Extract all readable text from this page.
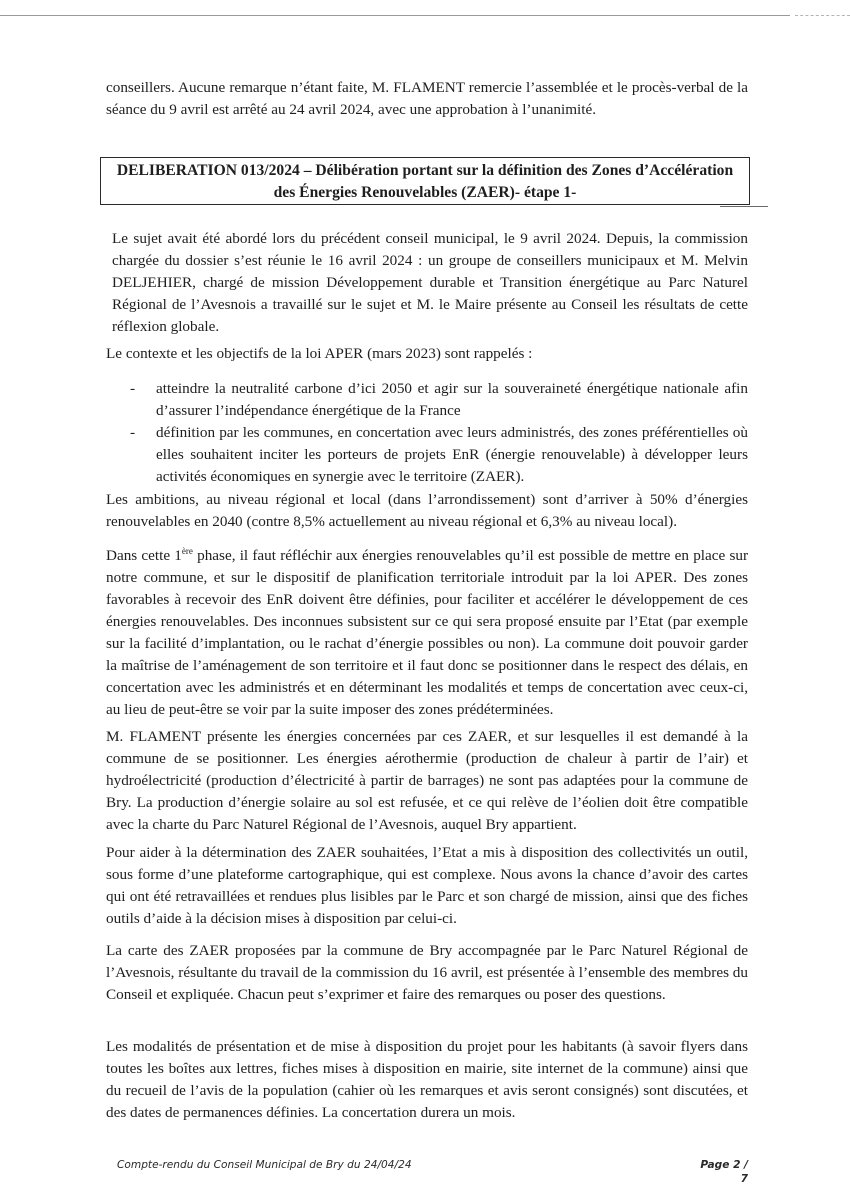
conseillers. Aucune remarque n’étant faite, M. FLAMENT remercie l’assemblée et le procès-verbal de la séance du 9 avril est arrêté au 24 avril 2024, avec une approbation à l’unanimité.

DELIBERATION 013/2024 – Délibération portant sur la définition des Zones d’Accélération
des Énergies Renouvelables (ZAER)- étape 1-

Le sujet avait été abordé lors du précédent conseil municipal, le 9 avril 2024. Depuis, la commission chargée du dossier s’est réunie le 16 avril 2024 : un groupe de conseillers municipaux et M. Melvin DELJEHIER, chargé de mission Développement durable et Transition énergétique au Parc Naturel Régional de l’Avesnois a travaillé sur le sujet et M. le Maire présente au Conseil les résultats de cette réflexion globale.

Le contexte et les objectifs de la loi APER (mars 2023) sont rappelés :

- atteindre la neutralité carbone d’ici 2050 et agir sur la souveraineté énergétique nationale afin d’assurer l’indépendance énergétique de la France
- définition par les communes, en concertation avec leurs administrés, des zones préférentielles où elles souhaitent inciter les porteurs de projets EnR (énergie renouvelable) à développer leurs activités économiques en synergie avec le territoire (ZAER).

Les ambitions, au niveau régional et local (dans l’arrondissement) sont d’arriver à 50% d’énergies renouvelables en 2040 (contre 8,5% actuellement au niveau régional et 6,3% au niveau local).

Dans cette 1ère phase, il faut réfléchir aux énergies renouvelables qu’il est possible de mettre en place sur notre commune, et sur le dispositif de planification territoriale introduit par la loi APER. Des zones favorables à recevoir des EnR doivent être définies, pour faciliter et accélérer le développement de ces énergies renouvelables. Des inconnues subsistent sur ce qui sera proposé ensuite par l’Etat (par exemple sur la facilité d’implantation, ou le rachat d’énergie possibles ou non). La commune doit pouvoir garder la maîtrise de l’aménagement de son territoire et il faut donc se positionner dans le respect des délais, en concertation avec les administrés et en déterminant les modalités et temps de concertation avec ceux-ci, au lieu de peut-être se voir par la suite imposer des zones prédéterminées.

M. FLAMENT présente les énergies concernées par ces ZAER, et sur lesquelles il est demandé à la commune de se positionner. Les énergies aérothermie (production de chaleur à partir de l’air) et hydroélectricité (production d’électricité à partir de barrages) ne sont pas adaptées pour la commune de Bry. La production d’énergie solaire au sol est refusée, et ce qui relève de l’éolien doit être compatible avec la charte du Parc Naturel Régional de l’Avesnois, auquel Bry appartient.

Pour aider à la détermination des ZAER souhaitées, l’Etat a mis à disposition des collectivités un outil, sous forme d’une plateforme cartographique, qui est complexe. Nous avons la chance d’avoir des cartes qui ont été retravaillées et rendues plus lisibles par le Parc et son chargé de mission, ainsi que des fiches outils d’aide à la décision mises à disposition par celui-ci.

La carte des ZAER proposées par la commune de Bry accompagnée par le Parc Naturel Régional de l’Avesnois, résultante du travail de la commission du 16 avril, est présentée à l’ensemble des membres du Conseil et expliquée. Chacun peut s’exprimer et faire des remarques ou poser des questions.

Les modalités de présentation et de mise à disposition du projet pour les habitants (à savoir flyers dans toutes les boîtes aux lettres, fiches mises à disposition en mairie, site internet de la commune) ainsi que du recueil de l’avis de la population (cahier où les remarques et avis seront consignés) sont discutées, et des dates de permanences définies. La concertation durera un mois.

Compte-rendu du Conseil Municipal de Bry du 24/04/24	Page 2 / 7
